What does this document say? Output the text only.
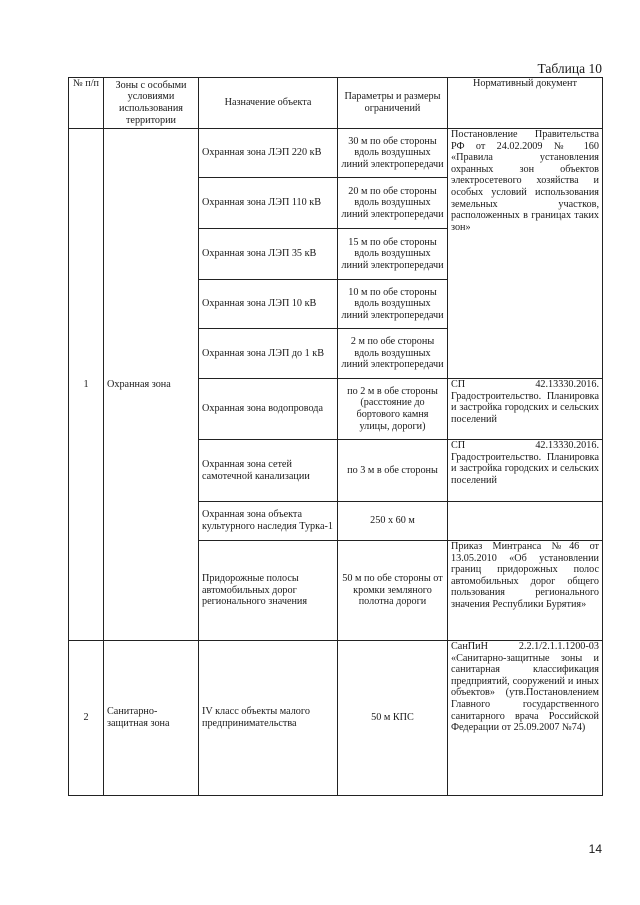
Таблица 10
№ п/п	Зоны с особыми условиями использования территории	Назначение объекта	Параметры и размеры ограничений	Нормативный документ
1	Охранная зона	Охранная зона ЛЭП 220 кВ	30 м по обе стороны вдоль воздушных линий электропередачи	Постановление Правительства РФ от 24.02.2009 № 160 «Правила установления охранных зон объектов электросетевого хозяйства и особых условий использования земельных участков, расположенных в границах таких зон»
		Охранная зона ЛЭП 110 кВ	20 м по обе стороны вдоль воздушных линий электропередачи	
		Охранная зона ЛЭП 35 кВ	15 м по обе стороны вдоль воздушных линий электропередачи	
		Охранная зона ЛЭП 10 кВ	10 м по обе стороны вдоль воздушных линий электропередачи	
		Охранная зона ЛЭП до 1 кВ	2 м по обе стороны вдоль воздушных линий электропередачи	
		Охранная зона водопровода	по 2 м в обе стороны (расстояние до бортового камня улицы, дороги)	СП 42.13330.2016. Градостроительство. Планировка и застройка городских и сельских поселений
		Охранная зона сетей самотечной канализации	по 3 м в обе стороны	СП 42.13330.2016. Градостроительство. Планировка и застройка городских и сельских поселений
		Охранная зона объекта культурного наследия Турка-1	250 х 60 м	
		Придорожные полосы автомобильных дорог регионального значения	50 м по обе стороны от кромки земляного полотна дороги	Приказ Минтранса №46 от 13.05.2010 «Об установлении границ придорожных полос автомобильных дорог общего пользования регионального значения Республики Бурятия»
2	Санитарно-защитная зона	IV класс объекты малого предпринимательства	50 м КПС	СанПиН 2.2.1/2.1.1.1200-03 «Санитарно-защитные зоны и санитарная классификация предприятий, сооружений и иных объектов» (утв.Постановлением Главного государственного санитарного врача Российской Федерации от 25.09.2007 №74)
14
